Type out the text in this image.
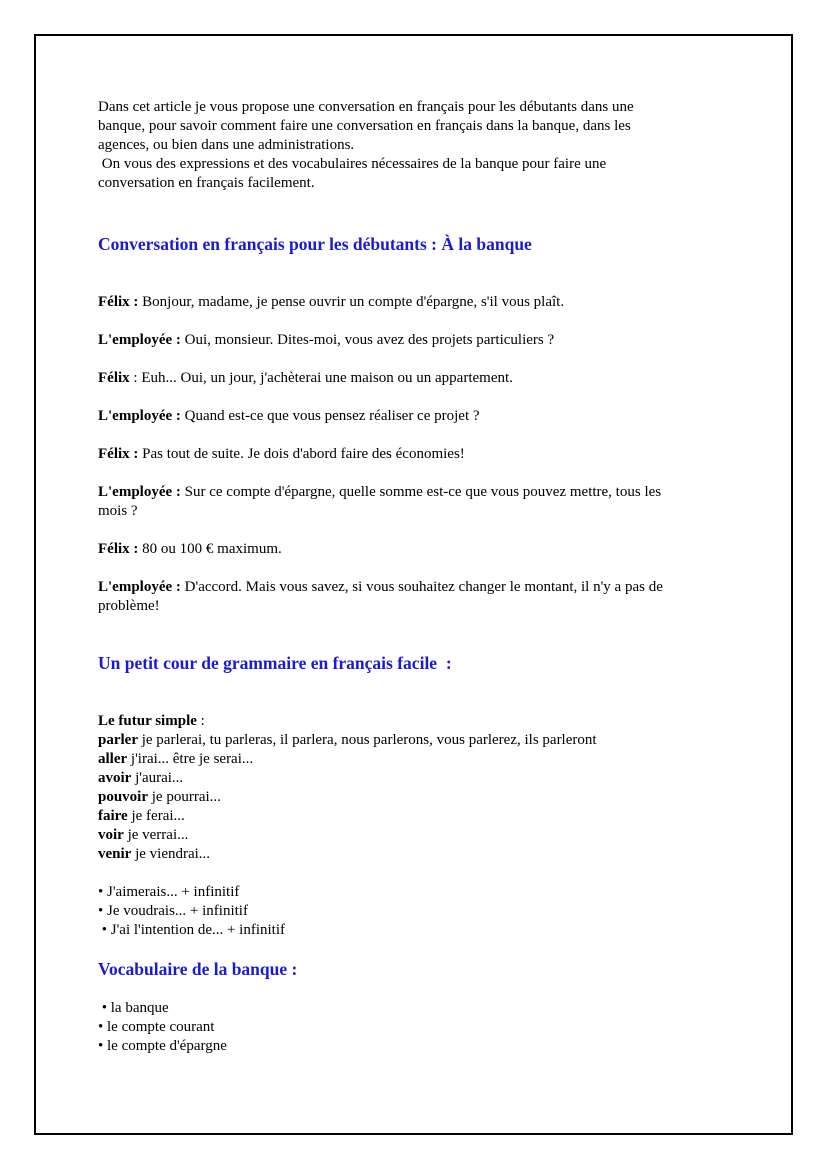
Dans cet article je vous propose une conversation en français pour les débutants dans une

banque, pour savoir comment faire une conversation en français dans la banque, dans les

agences, ou bien dans une administrations.

On vous des expressions et des vocabulaires nécessaires de la banque pour faire une

conversation en français facilement.

Conversation en français pour les débutants : À la banque

Félix : Bonjour, madame, je pense ouvrir un compte d'épargne, s'il vous plaît.

L'employée : Oui, monsieur. Dites-moi, vous avez des projets particuliers ?

Félix : Euh... Oui, un jour, j'achèterai une maison ou un appartement.

L'employée : Quand est-ce que vous pensez réaliser ce projet ?

Félix : Pas tout de suite. Je dois d'abord faire des économies!

L'employée : Sur ce compte d'épargne, quelle somme est-ce que vous pouvez mettre, tous les
mois ?

Félix : 80 ou 100 € maximum.

L'employée : D'accord. Mais vous savez, si vous souhaitez changer le montant, il n'y a pas de
problème!

Un petit cour de grammaire en français facile  :

Le futur simple :

parler je parlerai, tu parleras, il parlera, nous parlerons, vous parlerez, ils parleront

aller j'irai... être je serai...

avoir j'aurai...

pouvoir je pourrai...

faire je ferai...

voir je verrai...

venir je viendrai...

• J'aimerais... + infinitif

• Je voudrais... + infinitif

• J'ai l'intention de... + infinitif

Vocabulaire de la banque :

• la banque

• le compte courant

• le compte d'épargne
